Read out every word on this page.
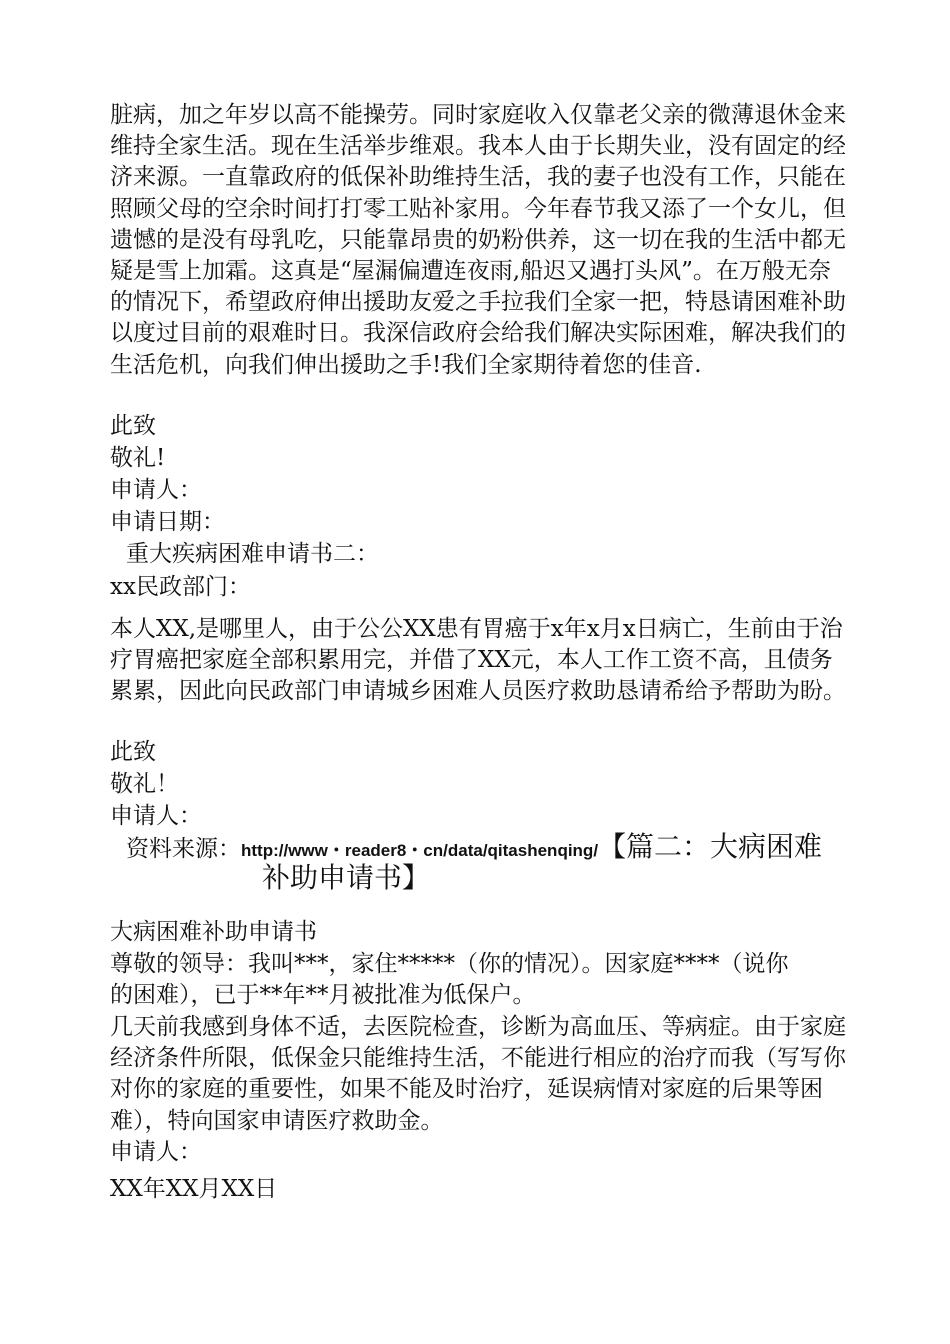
脏病，加之年岁以高不能操劳。同时家庭收入仅靠老父亲的微薄退休金来维持全家生活。现在生活举步维艰。我本人由于长期失业，没有固定的经济来源。一直靠政府的低保补助维持生活，我的妻子也没有工作，只能在照顾父母的空余时间打打零工贴补家用。今年春节我又添了一个女儿，但遗憾的是没有母乳吃，只能靠昂贵的奶粉供养，这一切在我的生活中都无疑是雪上加霜。这真是“屋漏偏遭连夜雨,船迟又遇打头风”。在万般无奈的情况下，希望政府伸出援助友爱之手拉我们全家一把，特恳请困难补助以度过目前的艰难时日。我深信政府会给我们解决实际困难，解决我们的生活危机，向我们伸出援助之手!我们全家期待着您的佳音.

此致
敬礼!
申请人：
申请日期：
重大疾病困难申请书二：
xx民政部门：

本人XX,是哪里人，由于公公XX患有胃癌于x年x月x日病亡，生前由于治疗胃癌把家庭全部积累用完，并借了XX元，本人工作工资不高，且债务累累，因此向民政部门申请城乡困难人员医疗救助恳请希给予帮助为盼。

此致
敬礼！
申请人：
资料来源：http://www・reader8・cn/data/qitashenqing/【篇二：大病困难
补助申请书】
大病困难补助申请书

尊敬的领导：我叫***，家住*****（你的情况）。因家庭****（说你的困难），已于**年**月被批准为低保户。

几天前我感到身体不适，去医院检查，诊断为高血压、等病症。由于家庭经济条件所限，低保金只能维持生活，不能进行相应的治疗而我（写写你对你的家庭的重要性，如果不能及时治疗，延误病情对家庭的后果等困难），特向国家申请医疗救助金。

申请人：
XX年XX月XX日
